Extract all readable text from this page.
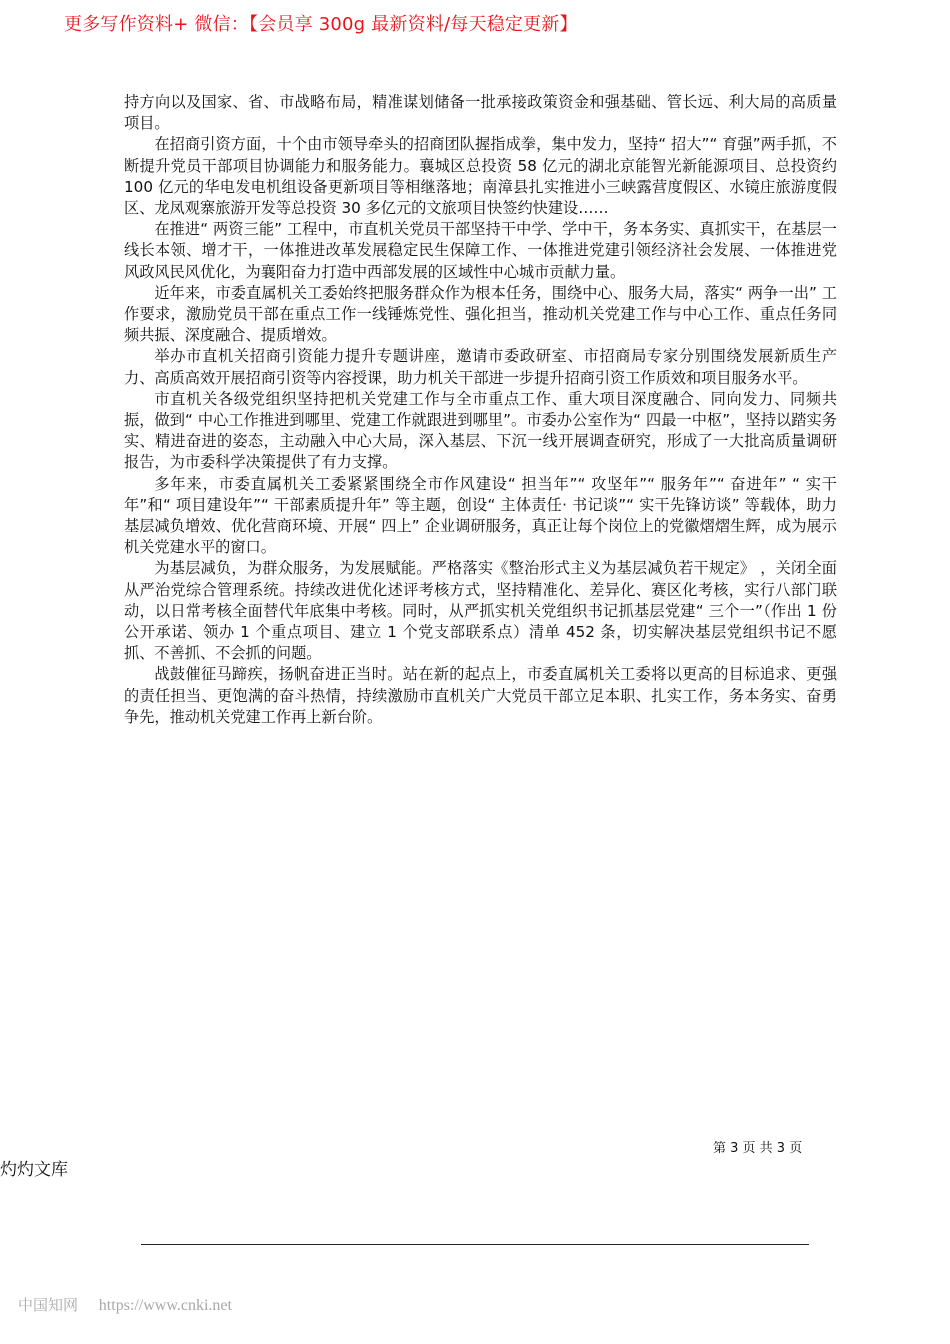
更多写作资料+ 微信：【会员享 300g 最新资料/每天稳定更新】

持方向以及国家、省、市战略布局，精准谋划储备一批承接政策资金和强基础、管长远、利大局的高质量项目。

在招商引资方面，十个由市领导牵头的招商团队握指成拳，集中发力，坚持“ 招大”“ 育强”两手抓，不断提升党员干部项目协调能力和服务能力。襄城区总投资 58 亿元的湖北京能智光新能源项目、总投资约 100 亿元的华电发电机组设备更新项目等相继落地；南漳县扎实推进小三峡露营度假区、水镜庄旅游度假区、龙凤观寨旅游开发等总投资 30 多亿元的文旅项目快签约快建设……

在推进“ 两资三能” 工程中，市直机关党员干部坚持干中学、学中干，务本务实、真抓实干，在基层一线长本领、增才干，一体推进改革发展稳定民生保障工作、一体推进党建引领经济社会发展、一体推进党风政风民风优化，为襄阳奋力打造中西部发展的区域性中心城市贡献力量。

近年来，市委直属机关工委始终把服务群众作为根本任务，围绕中心、服务大局，落实“ 两争一出” 工作要求，激励党员干部在重点工作一线锤炼党性、强化担当，推动机关党建工作与中心工作、重点任务同频共振、深度融合、提质增效。

举办市直机关招商引资能力提升专题讲座，邀请市委政研室、市招商局专家分别围绕发展新质生产力、高质高效开展招商引资等内容授课，助力机关干部进一步提升招商引资工作质效和项目服务水平。

市直机关各级党组织坚持把机关党建工作与全市重点工作、重大项目深度融合、同向发力、同频共振，做到“ 中心工作推进到哪里、党建工作就跟进到哪里”。市委办公室作为“ 四最一中枢”，坚持以踏实务实、精进奋进的姿态，主动融入中心大局，深入基层、下沉一线开展调查研究，形成了一大批高质量调研报告，为市委科学决策提供了有力支撑。

多年来，市委直属机关工委紧紧围绕全市作风建设“ 担当年”“ 攻坚年”“ 服务年”“ 奋进年” “ 实干年”和“ 项目建设年”“ 干部素质提升年” 等主题，创设“ 主体责任· 书记谈”“ 实干先锋访谈” 等载体，助力基层减负增效、优化营商环境、开展“ 四上” 企业调研服务，真正让每个岗位上的党徽熠熠生辉，成为展示机关党建水平的窗口。

为基层减负，为群众服务，为发展赋能。严格落实《整治形式主义为基层减负若干规定》 ，关闭全面从严治党综合管理系统。持续改进优化述评考核方式，坚持精准化、差异化、赛区化考核，实行八部门联动，以日常考核全面替代年底集中考核。同时，从严抓实机关党组织书记抓基层党建“ 三个一”（作出 1 份公开承诺、领办 1 个重点项目、建立 1 个党支部联系点）清单 452 条，切实解决基层党组织书记不愿抓、不善抓、不会抓的问题。

战鼓催征马蹄疾，扬帆奋进正当时。站在新的起点上，市委直属机关工委将以更高的目标追求、更强的责任担当、更饱满的奋斗热情，持续激励市直机关广大党员干部立足本职、扎实工作，务本务实、奋勇争先，推动机关党建工作再上新台阶。

第 3 页 共 3 页
灼灼文库
中国知网 https://www.cnki.net
